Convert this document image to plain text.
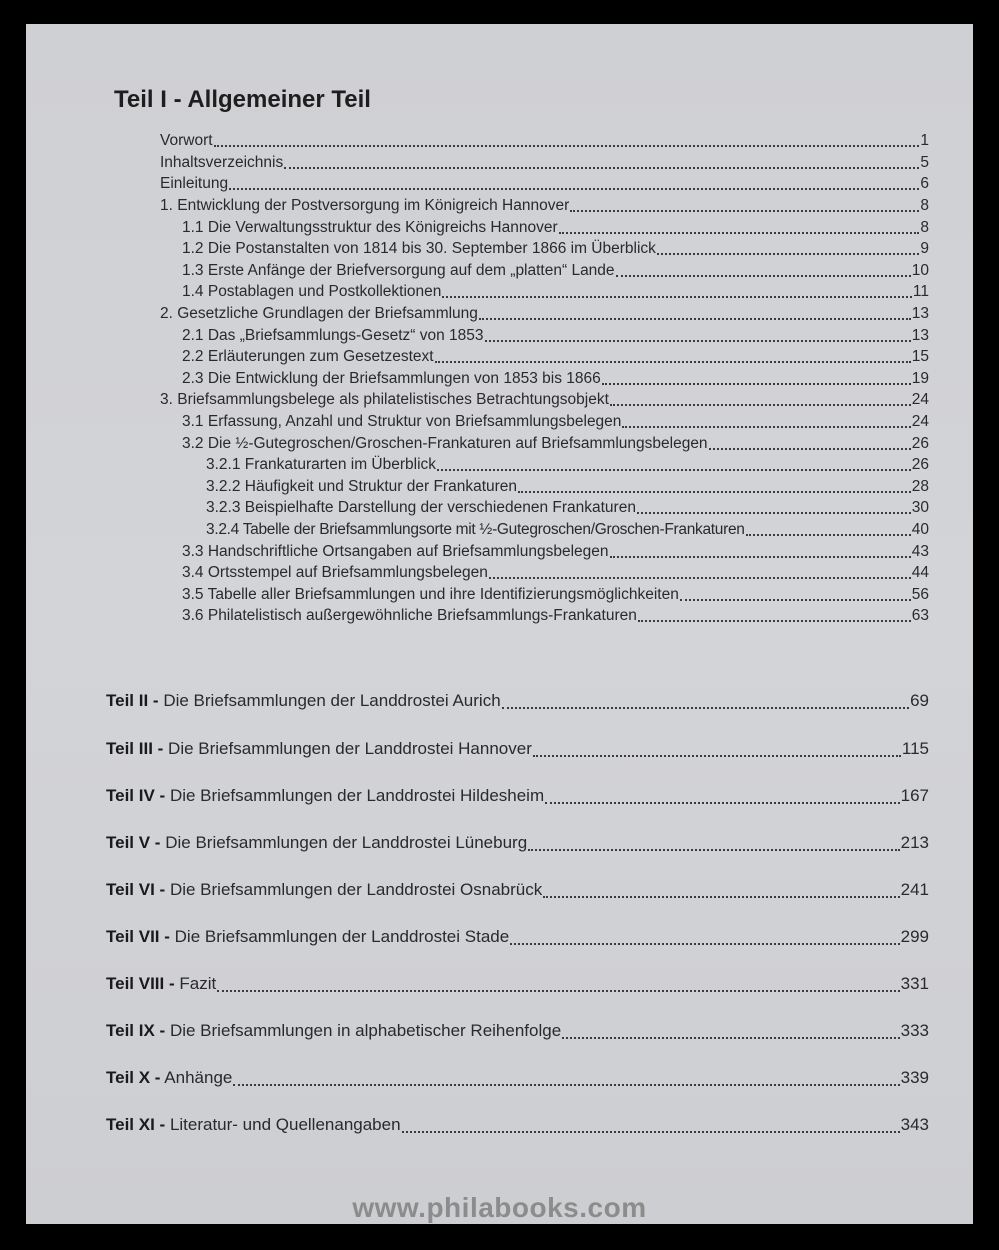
Teil I - Allgemeiner Teil
Vorwort	1
Inhaltsverzeichnis	5
Einleitung	6
1. Entwicklung der Postversorgung im Königreich Hannover	8
1.1 Die Verwaltungsstruktur des Königreichs Hannover	8
1.2 Die Postanstalten von 1814 bis 30. September 1866 im Überblick	9
1.3 Erste Anfänge der Briefversorgung auf dem „platten“ Lande	10
1.4 Postablagen und Postkollektionen	11
2. Gesetzliche Grundlagen der Briefsammlung	13
2.1 Das „Briefsammlungs-Gesetz“ von 1853	13
2.2 Erläuterungen zum Gesetzestext	15
2.3 Die Entwicklung der Briefsammlungen von 1853 bis 1866	19
3. Briefsammlungsbelege als philatelistisches Betrachtungsobjekt	24
3.1 Erfassung, Anzahl und Struktur von Briefsammlungsbelegen	24
3.2 Die ½-Gutegroschen/Groschen-Frankaturen auf Briefsammlungsbelegen	26
3.2.1 Frankaturarten im Überblick	26
3.2.2 Häufigkeit und Struktur der Frankaturen	28
3.2.3 Beispielhafte Darstellung der verschiedenen Frankaturen	30
3.2.4 Tabelle der Briefsammlungsorte mit ½-Gutegroschen/Groschen-Frankaturen	40
3.3 Handschriftliche Ortsangaben auf Briefsammlungsbelegen	43
3.4 Ortsstempel auf Briefsammlungsbelegen	44
3.5 Tabelle aller Briefsammlungen und ihre Identifizierungsmöglichkeiten	56
3.6 Philatelistisch außergewöhnliche Briefsammlungs-Frankaturen	63
Teil II - Die Briefsammlungen der Landdrostei Aurich	69
Teil III - Die Briefsammlungen der Landdrostei Hannover	115
Teil IV - Die Briefsammlungen der Landdrostei Hildesheim	167
Teil V - Die Briefsammlungen der Landdrostei Lüneburg	213
Teil VI - Die Briefsammlungen der Landdrostei Osnabrück	241
Teil VII - Die Briefsammlungen der Landdrostei Stade	299
Teil VIII - Fazit	331
Teil IX - Die Briefsammlungen in alphabetischer Reihenfolge	333
Teil X - Anhänge	339
Teil XI - Literatur- und Quellenangaben	343
www.philabooks.com
